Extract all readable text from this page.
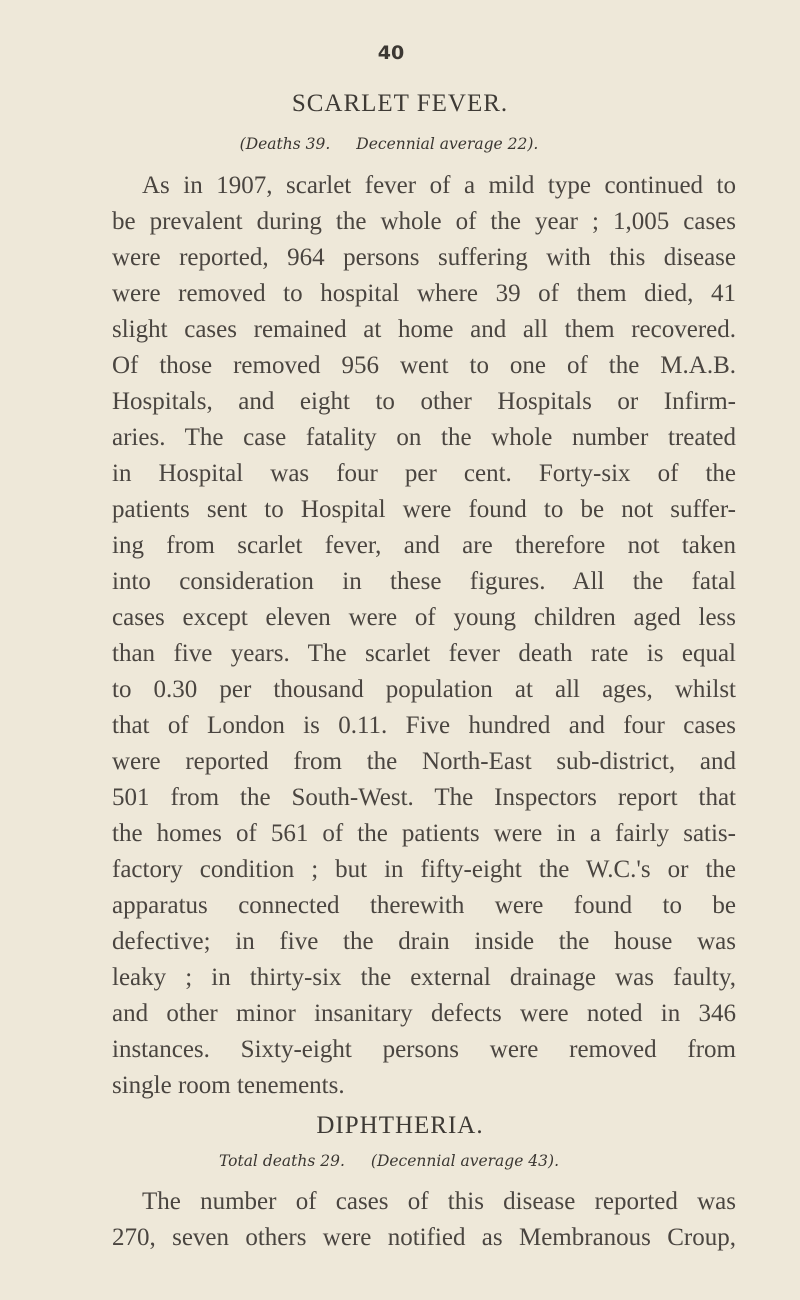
40
SCARLET FEVER.
(Deaths 39. Decennial average 22).
As in 1907, scarlet fever of a mild type continued to
be prevalent during the whole of the year ; 1,005 cases
were reported, 964 persons suffering with this disease
were removed to hospital where 39 of them died, 41
slight cases remained at home and all them recovered.
Of those removed 956 went to one of the M.A.B.
Hospitals, and eight to other Hospitals or Infirm-
aries. The case fatality on the whole number treated
in Hospital was four per cent. Forty-six of the
patients sent to Hospital were found to be not suffer-
ing from scarlet fever, and are therefore not taken
into consideration in these figures. All the fatal
cases except eleven were of young children aged less
than five years. The scarlet fever death rate is equal
to 0.30 per thousand population at all ages, whilst
that of London is 0.11. Five hundred and four cases
were reported from the North-East sub-district, and
501 from the South-West. The Inspectors report that
the homes of 561 of the patients were in a fairly satis-
factory condition ; but in fifty-eight the W.C.'s or the
apparatus connected therewith were found to be
defective; in five the drain inside the house was
leaky ; in thirty-six the external drainage was faulty,
and other minor insanitary defects were noted in 346
instances. Sixty-eight persons were removed from
single room tenements.
DIPHTHERIA.
Total deaths 29. (Decennial average 43).
The number of cases of this disease reported was
270, seven others were notified as Membranous Croup,
